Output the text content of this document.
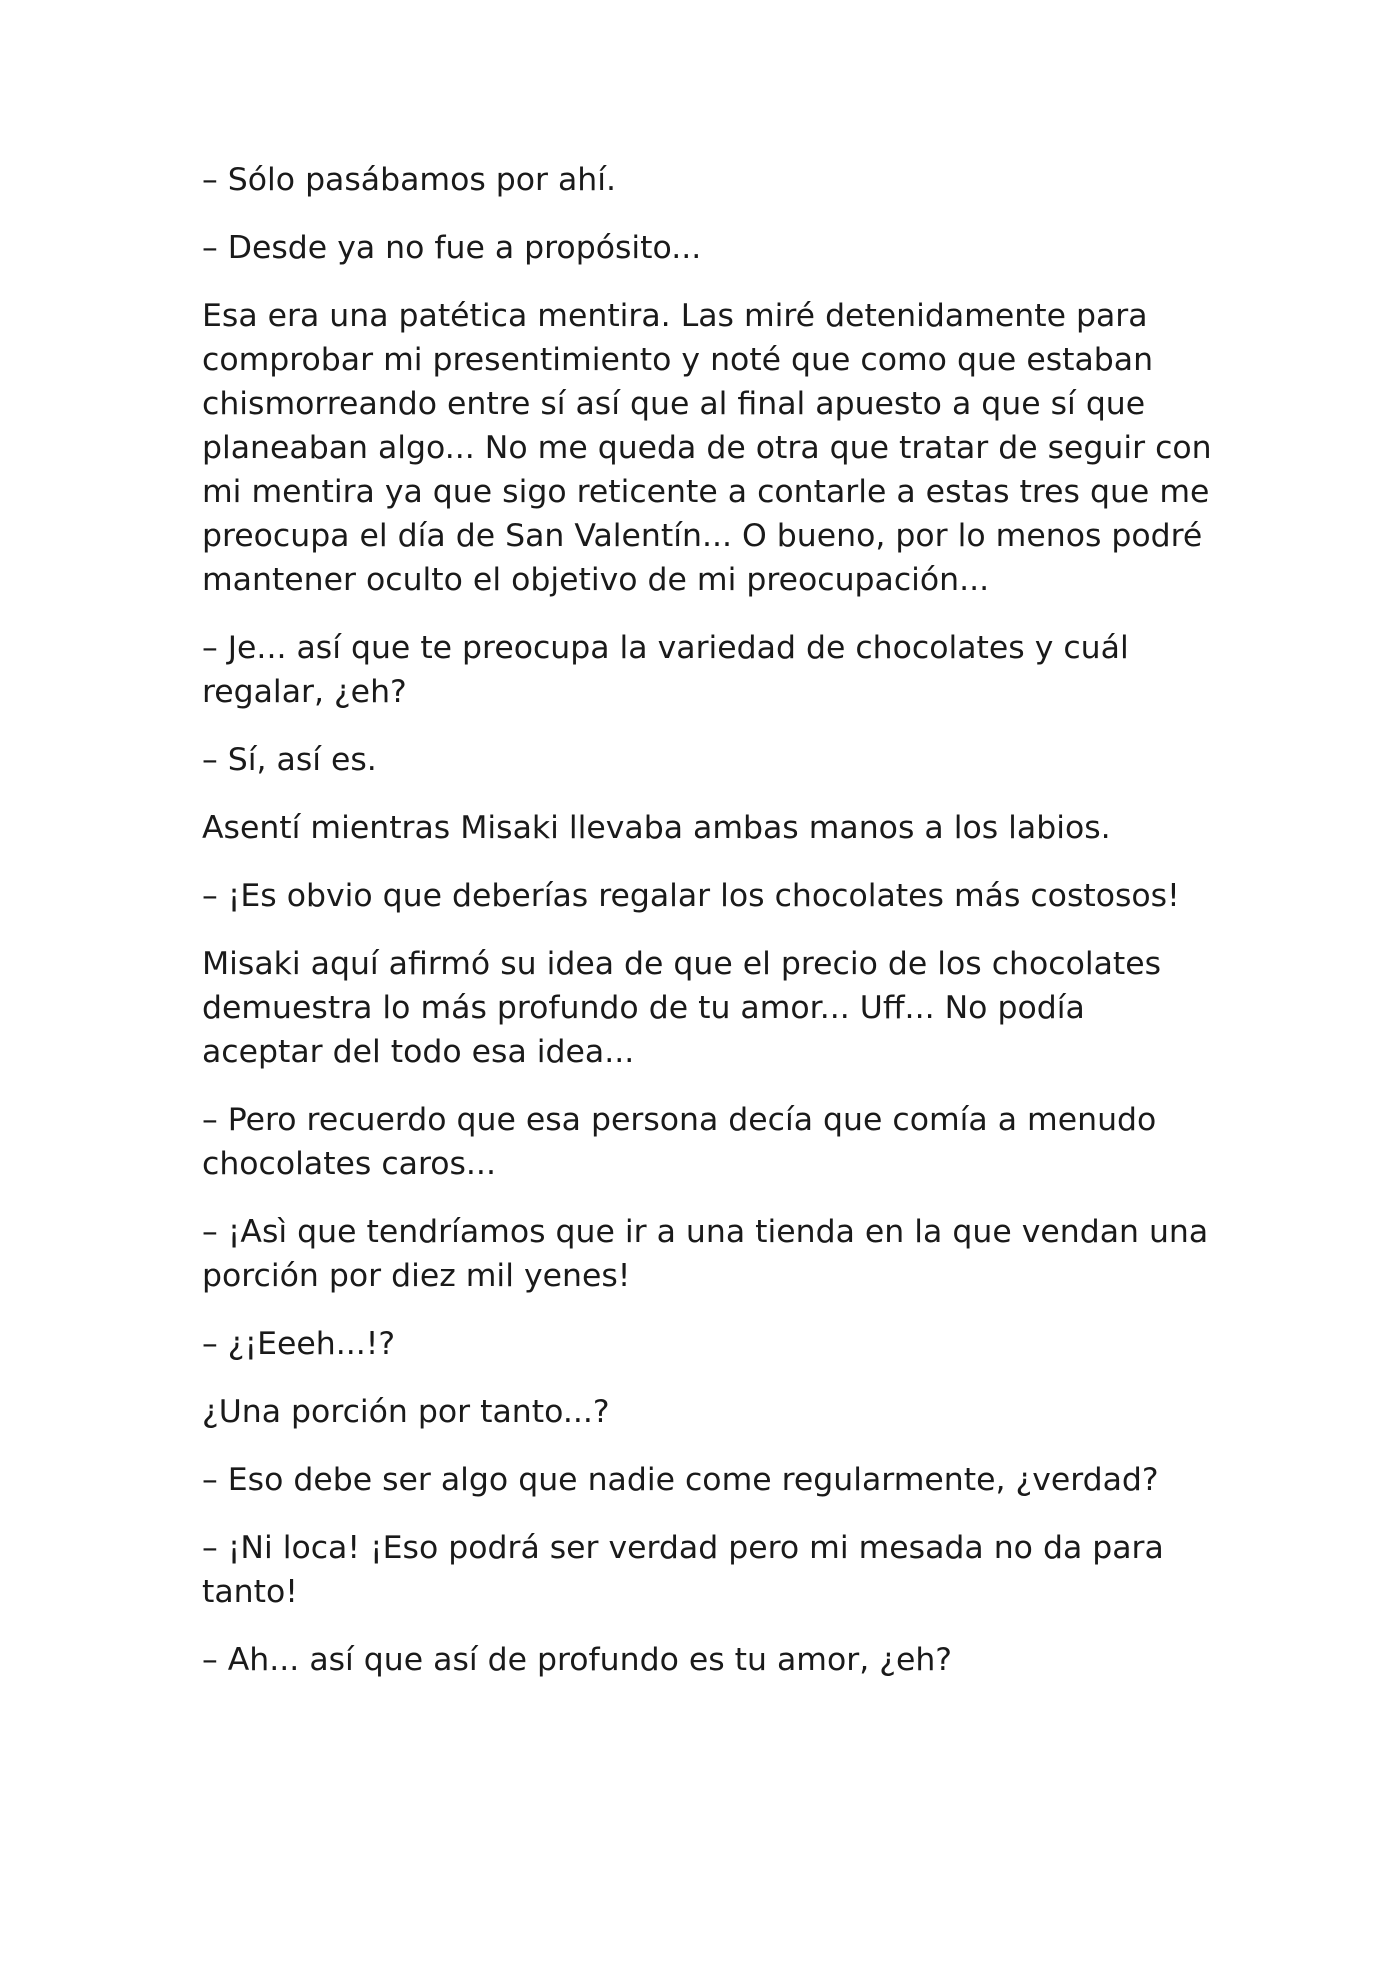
– Sólo pasábamos por ahí.

– Desde ya no fue a propósito...

Esa era una patética mentira. Las miré detenidamente para comprobar mi presentimiento y noté que como que estaban chismorreando entre sí así que al final apuesto a que sí que planeaban algo... No me queda de otra que tratar de seguir con mi mentira ya que sigo reticente a contarle a estas tres que me preocupa el día de San Valentín... O bueno, por lo menos podré mantener oculto el objetivo de mi preocupación...

– Je... así que te preocupa la variedad de chocolates y cuál regalar, ¿eh?

– Sí, así es.

Asentí mientras Misaki llevaba ambas manos a los labios.

– ¡Es obvio que deberías regalar los chocolates más costosos!

Misaki aquí afirmó su idea de que el precio de los chocolates demuestra lo más profundo de tu amor... Uff... No podía aceptar del todo esa idea...

– Pero recuerdo que esa persona decía que comía a menudo chocolates caros...

– ¡Asì que tendríamos que ir a una tienda en la que vendan una porción por diez mil yenes!

– ¿¡Eeeh...!?

¿Una porción por tanto...?

– Eso debe ser algo que nadie come regularmente, ¿verdad?

– ¡Ni loca! ¡Eso podrá ser verdad pero mi mesada no da para tanto!

– Ah... así que así de profundo es tu amor, ¿eh?
